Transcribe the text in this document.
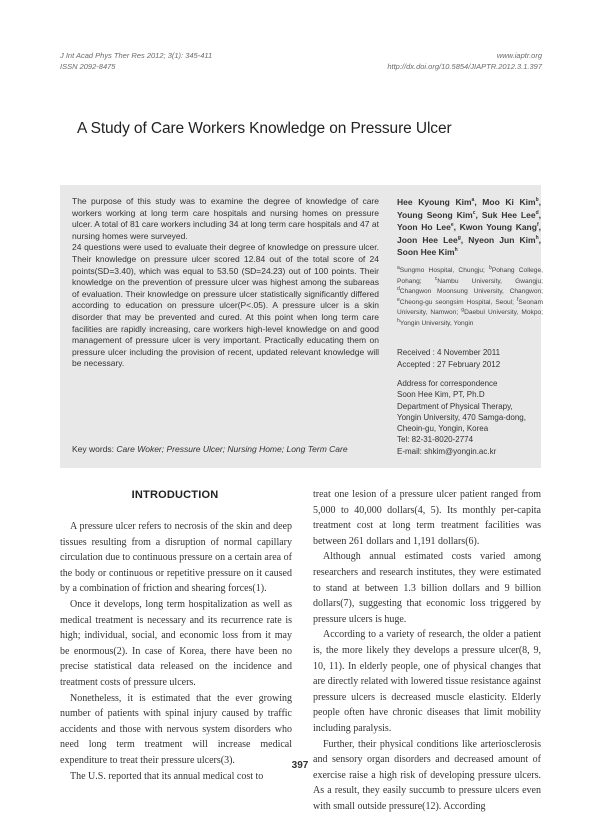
J Int Acad Phys Ther Res 2012; 3(1): 345-411
ISSN 2092-8475
www.iaptr.org
http://dx.doi.org/10.5854/JIAPTR.2012.3.1.397
A Study of Care Workers Knowledge on Pressure Ulcer

The purpose of this study was to examine the degree of knowledge of care workers working at long term care hospitals and nursing homes on pressure ulcer. A total of 81 care workers including 34 at long term care hospitals and 47 at nursing homes were surveyed.

24 questions were used to evaluate their degree of knowledge on pressure ulcer. Their knowledge on pressure ulcer scored 12.84 out of the total score of 24 points(SD=3.40), which was equal to 53.50 (SD=24.23) out of 100 points. Their knowledge on the prevention of pressure ulcer was highest among the subareas of evaluation. Their knowledge on pressure ulcer statistically significantly differed according to education on pressure ulcer(P<.05). A pressure ulcer is a skin disorder that may be prevented and cured. At this point when long term care facilities are rapidly increasing, care workers high-level knowledge on and good management of pressure ulcer is very important. Practically educating them on pressure ulcer including the provision of recent, updated relevant knowledge will be necessary.

Key words: Care Woker; Pressure Ulcer; Nursing Home; Long Term Care
Hee Kyoung Kim$^a$, Moo Ki Kim$^b$, Young Seong Kim$^c$, Suk Hee Lee$^d$, Yoon Ho Lee$^e$, Kwon Young Kang$^f$, Joon Hee Lee$^g$, Nyeon Jun Kim$^h$, Soon Hee Kim$^h$
$^a$Sungmo Hospital, Chungju; $^b$Pohang College, Pohang;	$^c$Nambu University, Gwangju; $^d$Changwon Moonsung University, Changwon; $^e$Cheong-gu seongsim Hospital, Seoul; $^f$Seonam University, Namwon; $^g$Daebul University, Mokpo; $^h$Yongin University, Yongin
Received : 4 November 2011
Accepted : 27 February 2012
Address for correspondence
Soon Hee Kim, PT, Ph.D
Department of Physical Therapy,
Yongin University, 470 Samga-dong,
Cheoin-gu, Yongin, Korea
Tel: 82-31-8020-2774
E-mail: shkim@yongin.ac.kr
INTRODUCTION

A pressure ulcer refers to necrosis of the skin and deep tissues resulting from a disruption of normal capillary circulation due to continuous pressure on a certain area of the body or continuous or repetitive pressure on it caused by a combination of friction and shearing forces(1).

Once it develops, long term hospitalization as well as medical treatment is necessary and its recurrence rate is high; individual, social, and economic loss from it may be enormous(2). In case of Korea, there have been no precise statistical data released on the incidence and treatment costs of pressure ulcers.

Nonetheless, it is estimated that the ever growing number of patients with spinal injury caused by traffic accidents and those with nervous system disorders who need long term treatment will increase medical expenditure to treat their pressure ulcers(3).

The U.S. reported that its annual medical cost to

treat one lesion of a pressure ulcer patient ranged from 5,000 to 40,000 dollars(4, 5). Its monthly per-capita treatment cost at long term treatment facilities was between 261 dollars and 1,191 dollars(6).

Although annual estimated costs varied among researchers and research institutes, they were estimated to stand at between 1.3 billion dollars and 9 billion dollars(7), suggesting that economic loss triggered by pressure ulcers is huge.

According to a variety of research, the older a patient is, the more likely they develops a pressure ulcer(8, 9, 10, 11). In elderly people, one of physical changes that are directly related with lowered tissue resistance against pressure ulcers is decreased muscle elasticity. Elderly people often have chronic diseases that limit mobility including paralysis.

Further, their physical conditions like arteriosclerosis and sensory organ disorders and decreased amount of exercise raise a high risk of developing pressure ulcers. As a result, they easily succumb to pressure ulcers even with small outside pressure(12). According

397
